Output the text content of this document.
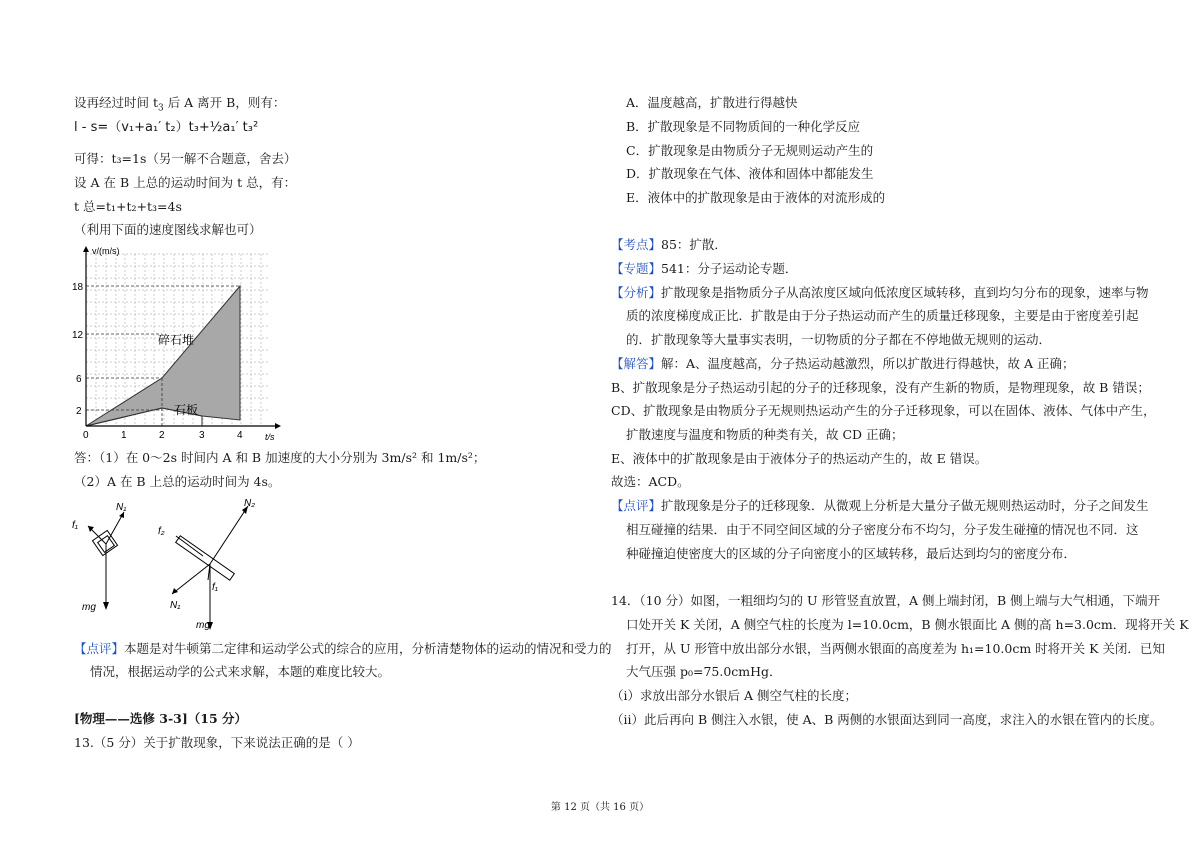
设再经过时间 $t_3$ 后 A 离开 B，则有：
l - s=（v₁+a₁′ t₂）t₃+½a₁′ t₃²
可得：t₃=1s（另一解不合题意，舍去）
设 A 在 B 上总的运动时间为 t 总，有：
t 总=t₁+t₂+t₃=4s
（利用下面的速度图线求解也可）
v/(m/s)
t/s
18
12
6
2
0	1	2	3	4
碎石堆
石板
答：（1）在 0～2s 时间内 A 和 B 加速度的大小分别为 3m/s² 和 1m/s²；
（2）A 在 B 上总的运动时间为 4s。
N₁
f₁
mg
N₂
f₂
N₁
f₁
mg
【点评】本题是对牛顿第二定律和运动学公式的综合的应用，分析清楚物体的运动的情况和受力的
情况，根据运动学的公式来求解，本题的难度比较大。
[物理——选修 3-3]（15 分）
13.（5 分）关于扩散现象，下来说法正确的是（ ）
A．温度越高，扩散进行得越快
B．扩散现象是不同物质间的一种化学反应
C．扩散现象是由物质分子无规则运动产生的
D．扩散现象在气体、液体和固体中都能发生
E．液体中的扩散现象是由于液体的对流形成的
【考点】85：扩散．
【专题】541：分子运动论专题．
【分析】扩散现象是指物质分子从高浓度区域向低浓度区域转移，直到均匀分布的现象，速率与物
质的浓度梯度成正比．扩散是由于分子热运动而产生的质量迁移现象，主要是由于密度差引起
的．扩散现象等大量事实表明，一切物质的分子都在不停地做无规则的运动．
【解答】解：A、温度越高，分子热运动越激烈，所以扩散进行得越快，故 A 正确；
B、扩散现象是分子热运动引起的分子的迁移现象，没有产生新的物质，是物理现象，故 B 错误；
CD、扩散现象是由物质分子无规则热运动产生的分子迁移现象，可以在固体、液体、气体中产生，
扩散速度与温度和物质的种类有关，故 CD 正确；
E、液体中的扩散现象是由于液体分子的热运动产生的，故 E 错误。
故选：ACD。
【点评】扩散现象是分子的迁移现象．从微观上分析是大量分子做无规则热运动时，分子之间发生
相互碰撞的结果．由于不同空间区域的分子密度分布不均匀，分子发生碰撞的情况也不同．这
种碰撞迫使密度大的区域的分子向密度小的区域转移，最后达到均匀的密度分布．
14．（10 分）如图，一粗细均匀的 U 形管竖直放置，A 侧上端封闭，B 侧上端与大气相通，下端开
口处开关 K 关闭，A 侧空气柱的长度为 l=10.0cm，B 侧水银面比 A 侧的高 h=3.0cm．现将开关 K
打开，从 U 形管中放出部分水银，当两侧水银面的高度差为 h₁=10.0cm 时将开关 K 关闭．已知
大气压强 p₀=75.0cmHg．
（i）求放出部分水银后 A 侧空气柱的长度；
（ii）此后再向 B 侧注入水银，使 A、B 两侧的水银面达到同一高度，求注入的水银在管内的长度。
第 12 页（共 16 页）
